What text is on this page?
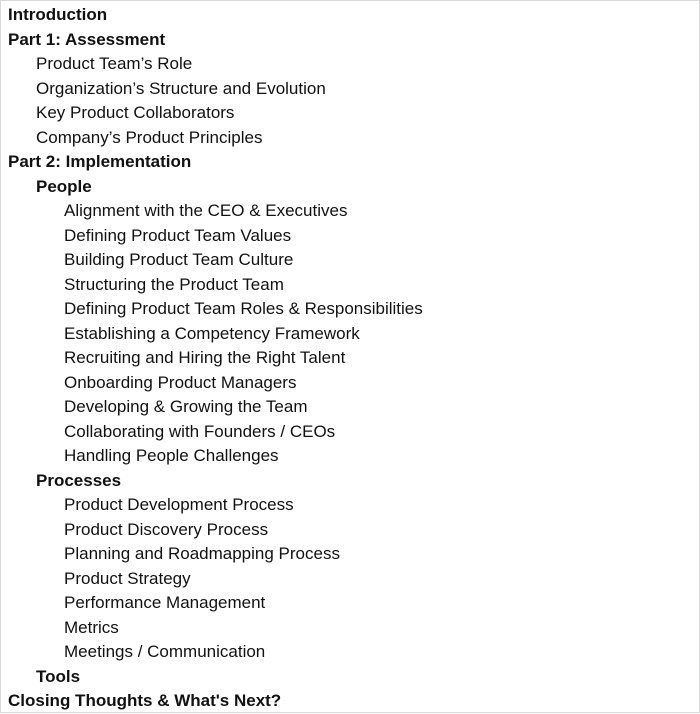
Introduction
Part 1: Assessment
Product Team’s Role
Organization’s Structure and Evolution
Key Product Collaborators
Company’s Product Principles
Part 2: Implementation
People
Alignment with the CEO & Executives
Defining Product Team Values
Building Product Team Culture
Structuring the Product Team
Defining Product Team Roles & Responsibilities
Establishing a Competency Framework
Recruiting and Hiring the Right Talent
Onboarding Product Managers
Developing & Growing the Team
Collaborating with Founders / CEOs
Handling People Challenges
Processes
Product Development Process
Product Discovery Process
Planning and Roadmapping Process
Product Strategy
Performance Management
Metrics
Meetings / Communication
Tools
Closing Thoughts & What's Next?
